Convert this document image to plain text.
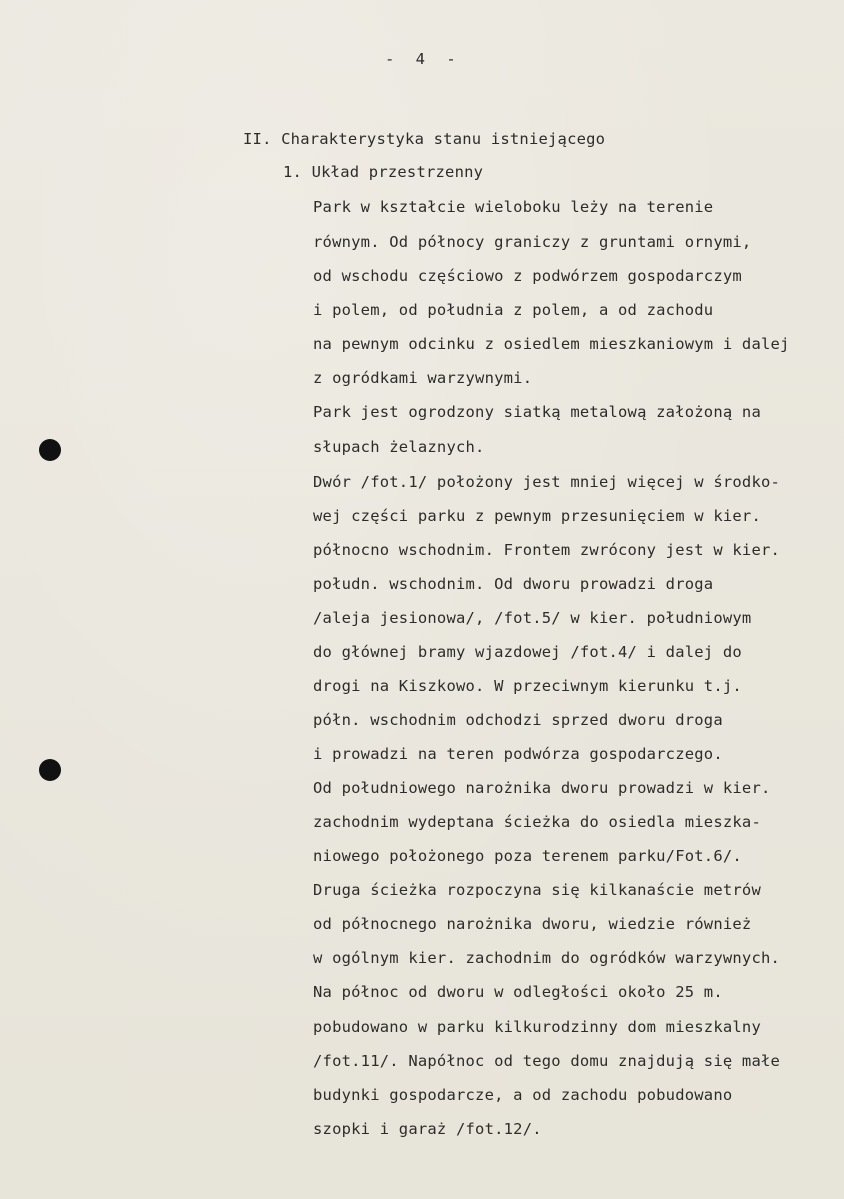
- 4 -
II. Charakterystyka stanu istniejącego
1. Układ przestrzenny
Park w kształcie wieloboku leży na terenie
równym. Od północy graniczy z gruntami ornymi,
od wschodu częściowo z podwórzem gospodarczym
i polem, od południa z polem, a od zachodu
na pewnym odcinku z osiedlem mieszkaniowym i dalej
z ogródkami warzywnymi.
Park jest ogrodzony siatką metalową założoną na
słupach żelaznych.
Dwór /fot.1/ położony jest mniej więcej w środko-
wej części parku z pewnym przesunięciem w kier.
północno wschodnim. Frontem zwrócony jest w kier.
połudn. wschodnim. Od dworu prowadzi droga
/aleja jesionowa/, /fot.5/ w kier. południowym
do głównej bramy wjazdowej /fot.4/ i dalej do
drogi na Kiszkowo. W przeciwnym kierunku t.j.
półn. wschodnim odchodzi sprzed dworu droga
i prowadzi na teren podwórza gospodarczego.
Od południowego narożnika dworu prowadzi w kier.
zachodnim wydeptana ścieżka do osiedla mieszka-
niowego położonego poza terenem parku/Fot.6/.
Druga ścieżka rozpoczyna się kilkanaście metrów
od północnego narożnika dworu, wiedzie również
w ogólnym kier. zachodnim do ogródków warzywnych.
Na północ od dworu w odległości około 25 m.
pobudowano w parku kilkurodzinny dom mieszkalny
/fot.11/. Napółnoc od tego domu znajdują się małe
budynki gospodarcze, a od zachodu pobudowano
szopki i garaż /fot.12/.
